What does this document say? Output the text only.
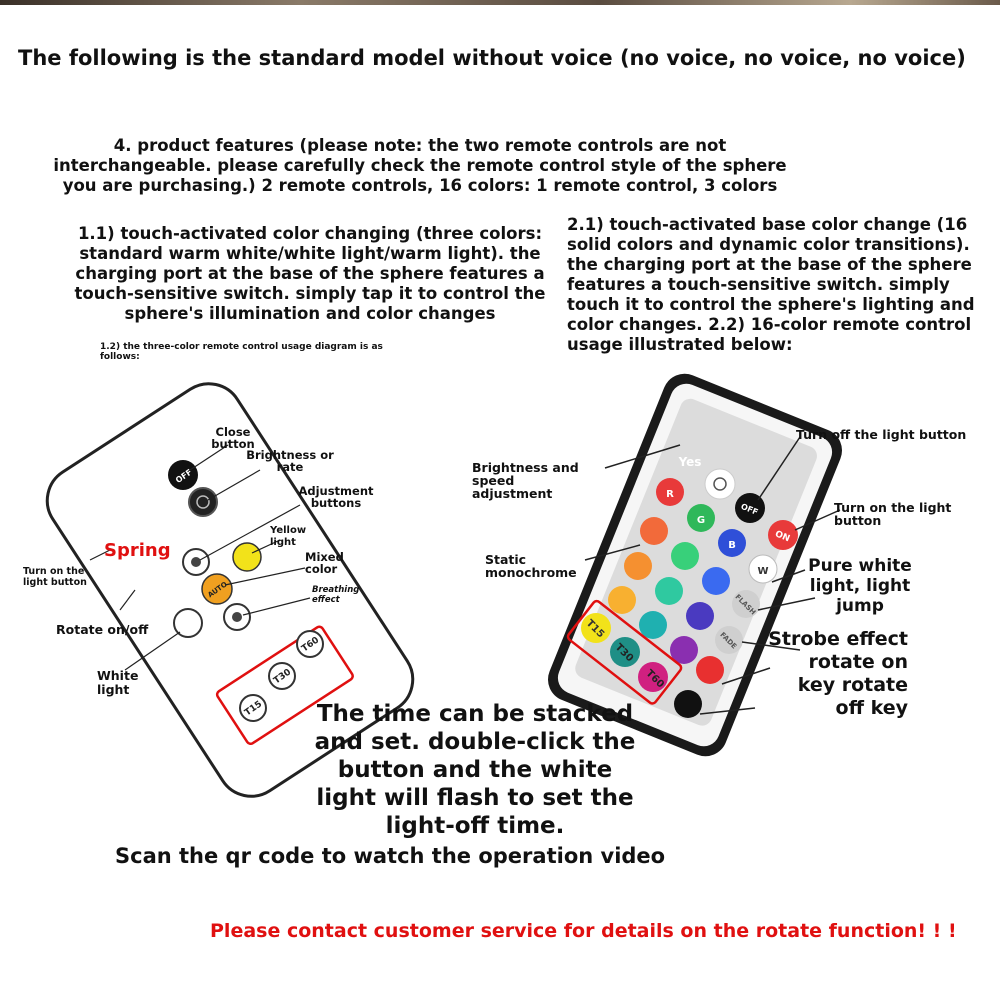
The following is the standard model without voice (no voice, no voice, no voice)
4. product features (please note: the two remote controls are not
interchangeable. please carefully check the remote control style of the sphere
you are purchasing.) 2 remote controls, 16 colors: 1 remote control, 3 colors
1.1) touch-activated color changing (three colors:
standard warm white/white light/warm light). the
charging port at the base of the sphere features a
touch-sensitive switch. simply tap it to control the
sphere's illumination and color changes
1.2) the three-color remote control usage diagram is as
follows:
2.1) touch-activated base color change (16
solid colors and dynamic color transitions).
the charging port at the base of the sphere
features a touch-sensitive switch. simply
touch it to control the sphere's lighting and
color changes. 2.2) 16-color remote control
usage illustrated below:
OFF
AUTO
T15
T30
T60
Yes
OFF
ON
R
G
B
W
FLASH
FADE
T15
T30
T60
Close
button
Brightness or
rate
Adjustment
buttons
Yellow
light
Spring
Turn on the
light button
Mixed
color
Breathing
effect
Rotate on/off
White
light
Turn off the light button
Brightness and speed
adjustment
Turn on the light
button
Static
monochrome	Pure white
light, light
jump
Strobe effect
rotate on
key rotate
off key
The time can be stacked
and set. double-click the
button and the white
light will flash to set the
light-off time.
Scan the qr code to watch the operation video
Please contact customer service for details on the rotate function! ! !
